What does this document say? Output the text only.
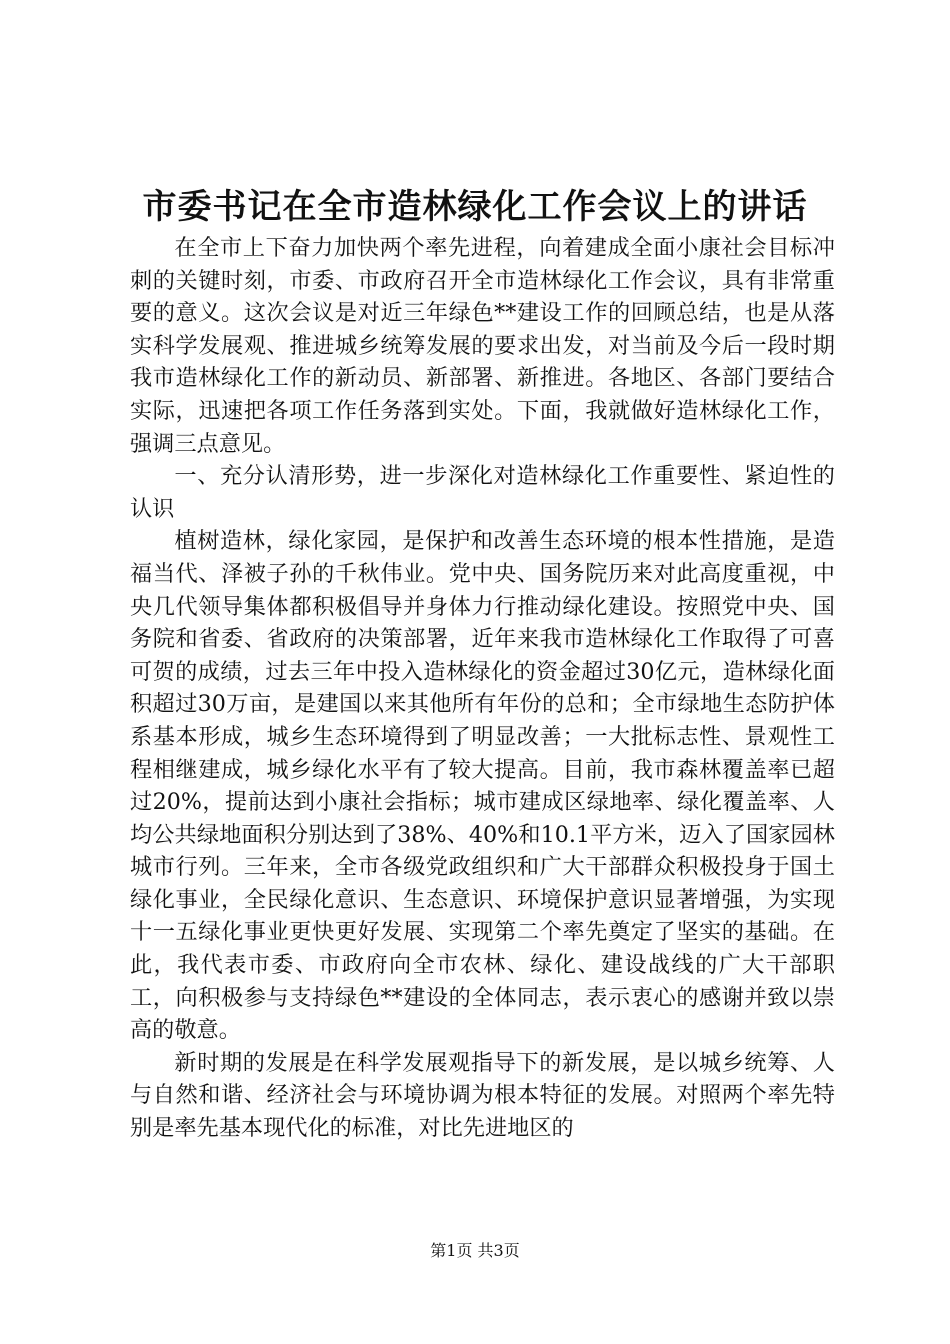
市委书记在全市造林绿化工作会议上的讲话

在全市上下奋力加快两个率先进程，向着建成全面小康社会目标冲刺的关键时刻，市委、市政府召开全市造林绿化工作会议，具有非常重要的意义。这次会议是对近三年绿色**建设工作的回顾总结，也是从落实科学发展观、推进城乡统筹发展的要求出发，对当前及今后一段时期我市造林绿化工作的新动员、新部署、新推进。各地区、各部门要结合实际，迅速把各项工作任务落到实处。下面，我就做好造林绿化工作，强调三点意见。

一、充分认清形势，进一步深化对造林绿化工作重要性、紧迫性的认识

植树造林，绿化家园，是保护和改善生态环境的根本性措施，是造福当代、泽被子孙的千秋伟业。党中央、国务院历来对此高度重视，中央几代领导集体都积极倡导并身体力行推动绿化建设。按照党中央、国务院和省委、省政府的决策部署，近年来我市造林绿化工作取得了可喜可贺的成绩，过去三年中投入造林绿化的资金超过30亿元，造林绿化面积超过30万亩，是建国以来其他所有年份的总和；全市绿地生态防护体系基本形成，城乡生态环境得到了明显改善；一大批标志性、景观性工程相继建成，城乡绿化水平有了较大提高。目前，我市森林覆盖率已超过20%，提前达到小康社会指标；城市建成区绿地率、绿化覆盖率、人均公共绿地面积分别达到了38%、40%和10.1平方米，迈入了国家园林城市行列。三年来，全市各级党政组织和广大干部群众积极投身于国土绿化事业，全民绿化意识、生态意识、环境保护意识显著增强，为实现十一五绿化事业更快更好发展、实现第二个率先奠定了坚实的基础。在此，我代表市委、市政府向全市农林、绿化、建设战线的广大干部职工，向积极参与支持绿色**建设的全体同志，表示衷心的感谢并致以崇高的敬意。

新时期的发展是在科学发展观指导下的新发展，是以城乡统筹、人与自然和谐、经济社会与环境协调为根本特征的发展。对照两个率先特别是率先基本现代化的标准，对比先进地区的

第1页 共3页
